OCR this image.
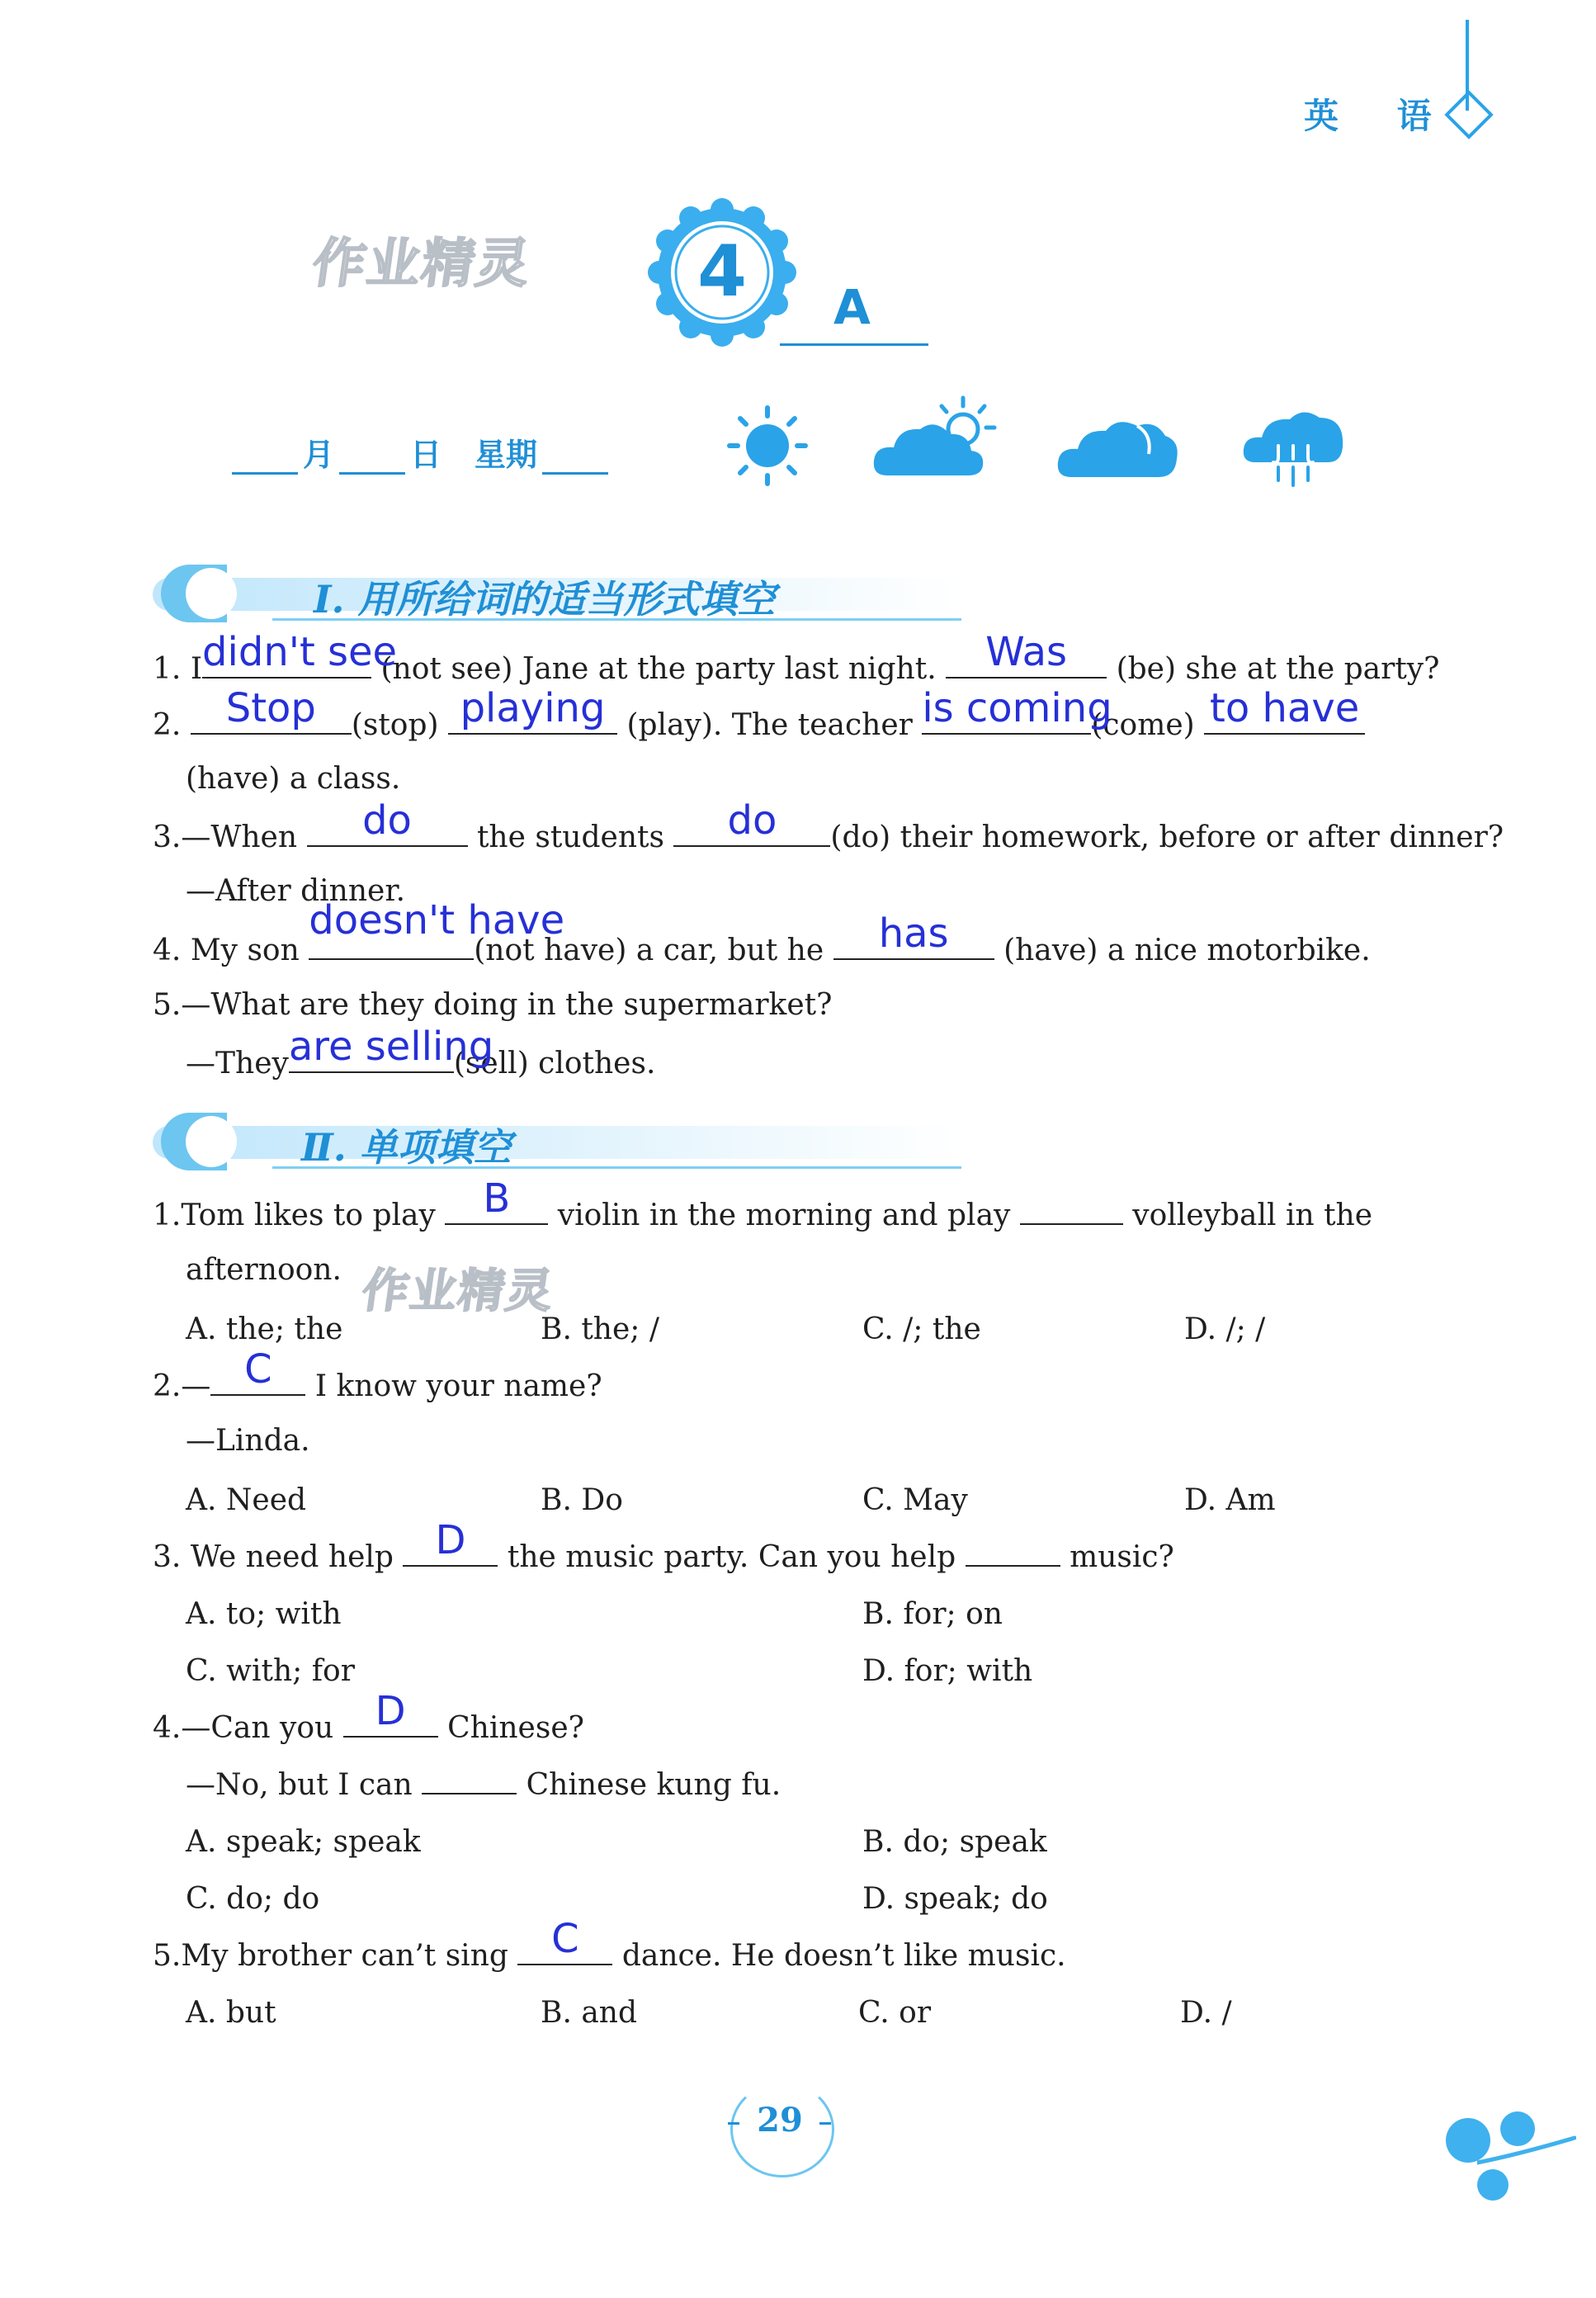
英 语
作业精灵 4 A
月 日 星期
Ⅰ. 用所给词的适当形式填空
1. I didn't see
(not see) Jane at the party last night.	Was	(be) she at the party?
2.	Stop	(stop) playing (play). The teacher is coming
(come) to have
(have) a class.
3.—When	do	the students	do	(do) their homework, before or after dinner?
—After dinner.
4. My son
doesn't have
(not have) a car, but he	has	(have) a nice motorbike.
5.—What are they doing in the supermarket?
—They are selling
(sell) clothes.
Ⅱ. 单项填空
1.Tom likes to play	B	violin in the morning and play	volleyball in the
afternoon. 作业精灵
A. the; the	B. the; /	C. /; the	D. /; /
2.— C	I know your name?
—Linda.
A. Need	B. Do	C. May	D. Am
3. We need help	D	the music party. Can you help	music?
A. to; with	B. for; on
C. with; for	D. for; with
4.—Can you	D	Chinese?
—No, but I can	Chinese kung fu.
A. speak; speak	B. do; speak
C. do; do	D. speak; do
5.My brother can’t sing	C	dance. He doesn’t like music.
A. but	B. and	C. or	D. /
29
